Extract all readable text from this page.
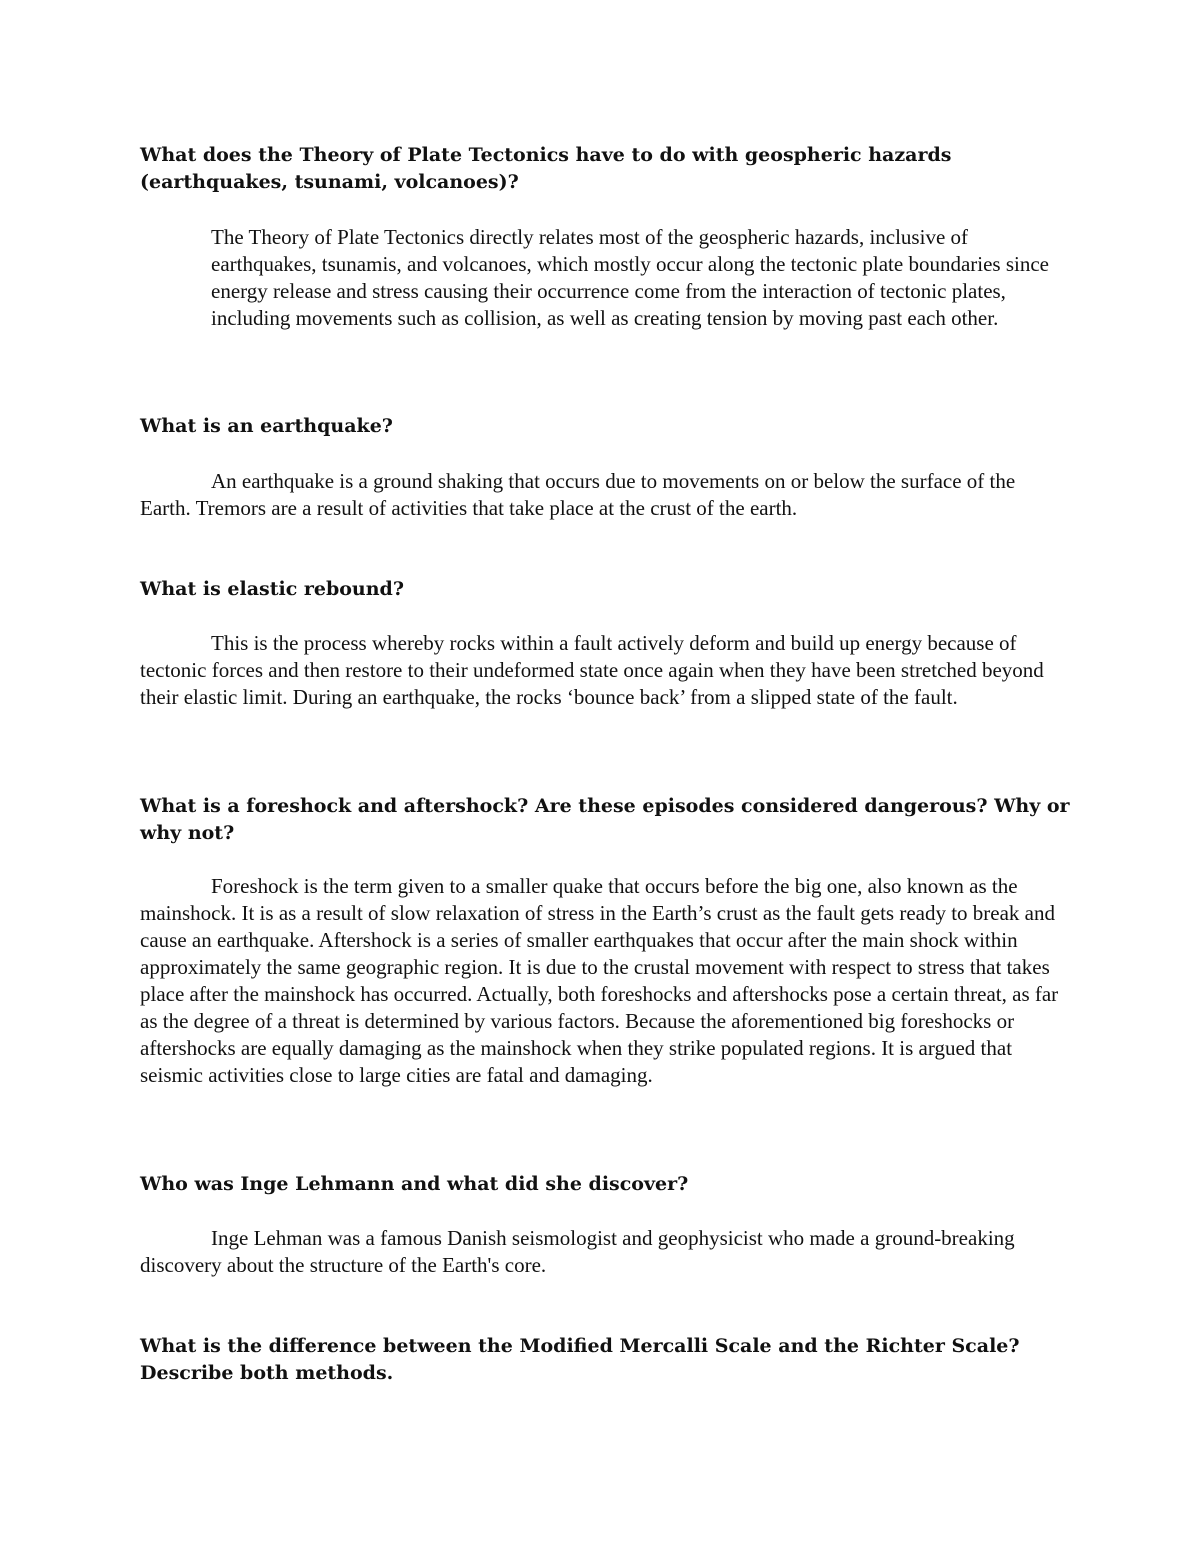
What does the Theory of Plate Tectonics have to do with geospheric hazards (earthquakes, tsunami, volcanoes)?

The Theory of Plate Tectonics directly relates most of the geospheric hazards, inclusive of earthquakes, tsunamis, and volcanoes, which mostly occur along the tectonic plate boundaries since energy release and stress causing their occurrence come from the interaction of tectonic plates, including movements such as collision, as well as creating tension by moving past each other.

What is an earthquake?

An earthquake is a ground shaking that occurs due to movements on or below the surface of the Earth. Tremors are a result of activities that take place at the crust of the earth.

What is elastic rebound?

This is the process whereby rocks within a fault actively deform and build up energy because of tectonic forces and then restore to their undeformed state once again when they have been stretched beyond their elastic limit. During an earthquake, the rocks ‘bounce back’ from a slipped state of the fault.

What is a foreshock and aftershock? Are these episodes considered dangerous? Why or why not?

Foreshock is the term given to a smaller quake that occurs before the big one, also known as the mainshock. It is as a result of slow relaxation of stress in the Earth’s crust as the fault gets ready to break and cause an earthquake. Aftershock is a series of smaller earthquakes that occur after the main shock within approximately the same geographic region. It is due to the crustal movement with respect to stress that takes place after the mainshock has occurred. Actually, both foreshocks and aftershocks pose a certain threat, as far as the degree of a threat is determined by various factors. Because the aforementioned big foreshocks or aftershocks are equally damaging as the mainshock when they strike populated regions. It is argued that seismic activities close to large cities are fatal and damaging.

Who was Inge Lehmann and what did she discover?

Inge Lehman was a famous Danish seismologist and geophysicist who made a ground-breaking discovery about the structure of the Earth's core.

What is the difference between the Modified Mercalli Scale and the Richter Scale? Describe both methods.
